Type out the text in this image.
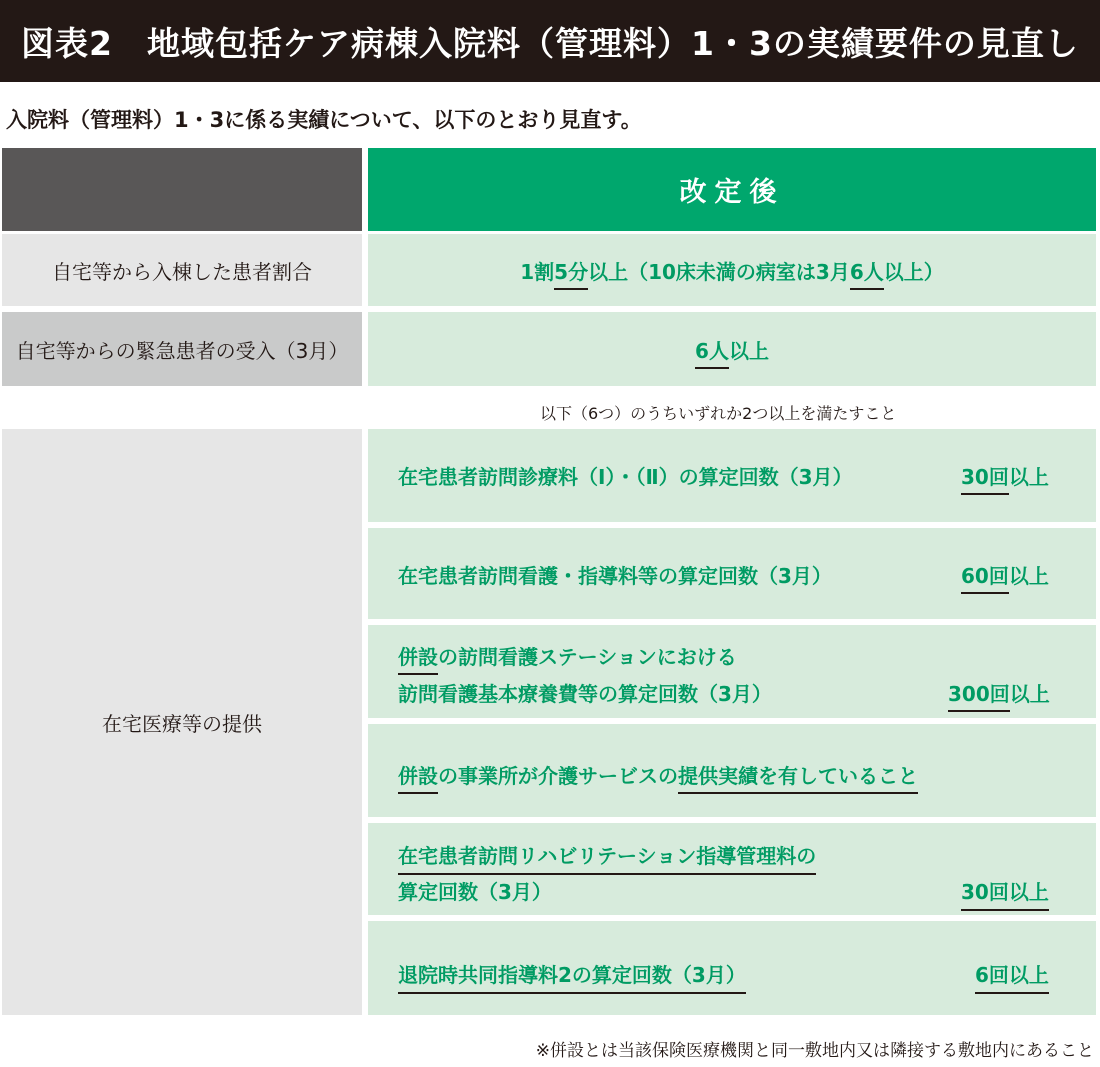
図表2　地域包括ケア病棟入院料（管理料）1・3の実績要件の見直し
入院料（管理料）1・3に係る実績について、以下のとおり見直す。
改定後
自宅等から入棟した患者割合	1割5分以上（10床未満の病室は3月6人以上）
自宅等からの緊急患者の受入（3月）	6人以上
以下（6つ）のうちいずれか2つ以上を満たすこと
在宅医療等の提供
在宅患者訪問診療料（Ⅰ）・（Ⅱ）の算定回数（3月）	30回以上
在宅患者訪問看護・指導料等の算定回数（3月）	60回以上
併設の訪問看護ステーションにおける
訪問看護基本療養費等の算定回数（3月）	300回以上
併設の事業所が介護サービスの提供実績を有していること
在宅患者訪問リハビリテーション指導管理料の
算定回数（3月）	30回以上
退院時共同指導料2の算定回数（3月）	6回以上
※併設とは当該保険医療機関と同一敷地内又は隣接する敷地内にあること
